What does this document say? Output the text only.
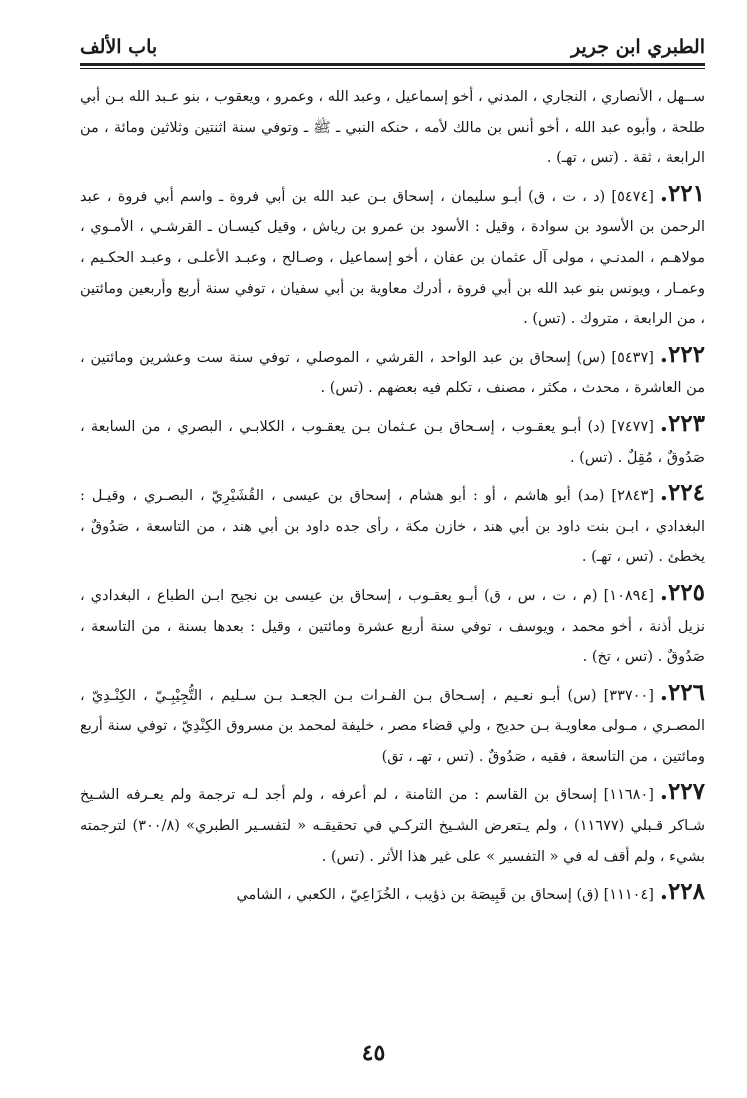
الطبري ابن جرير
باب الألف

ســهل ، الأنصاري ، النجاري ، المدني ، أخو إسماعيل ، وعبد الله ، وعمرو ، ويعقوب ، بنو عـبد الله بـن أبي طلحة ، وأبوه عبد الله ، أخو أنس بن مالك لأمه ، حنكه النبي ـ ﷺ ـ وتوفي سنة اثنتين وثلاثين ومائة ، من الرابعة ، ثقة . (تس ، تهـ) .

٢٢١.[٥٤٧٤] (د ، ت ، ق) أبـو سليمان ، إسحاق بـن عبد الله بن أبي فروة ـ واسم أبي فروة ، عبد الرحمن بن الأسود بن سوادة ، وقيل : الأسود بن عمرو بن رياش ، وقيل كيسـان ـ القرشـي ، الأمـوي ، مولاهـم ، المدنـي ، مولى آل عثمان بن عفان ، أخو إسماعيل ، وصـالح ، وعبـد الأعلـى ، وعبـد الحكـيم ، وعمـار ، ويونس بنو عبد الله بن أبي فروة ، أدرك معاوية بن أبي سفيان ، توفي سنة أربع وأربعين ومائتين ، من الرابعة ، متروك . (تس) .

٢٢٢.[٥٤٣٧] (س) إسحاق بن عبد الواحد ، القرشي ، الموصلي ، توفي سنة ست وعشرين ومائتين ، من العاشرة ، محدث ، مكثر ، مصنف ، تكلم فيه بعضهم . (تس) .

٢٢٣.[٧٤٧٧] (د) أبـو يعقـوب ، إسـحاق بـن عـثمان بـن يعقـوب ، الكلابـي ، البصري ، من السابعة ، صَدُوقٌ ، مُقِلٌ . (تس) .

٢٢٤.[٢٨٤٣] (مد) أبو هاشم ، أو : أبو هشام ، إسحاق بن عيسى ، القُشَيْرِيّ ، البصـري ، وقيـل : البغدادي ، ابـن بنت داود بن أبي هند ، خازن مكة ، رأى جده داود بن أبي هند ، من التاسعة ، صَدُوقٌ ، يخطئ . (تس ، تهـ) .

٢٢٥.[١٠٨٩٤] (م ، ت ، س ، ق) أبـو يعقـوب ، إسحاق بن عيسى بن نجيح ابـن الطباع ، البغدادي ، نزيل أذنة ، أخو محمد ، ويوسف ، توفي سنة أربع عشرة ومائتين ، وقيل : بعدها بسنة ، من التاسعة ، صَدُوقٌ . (تس ، تخ) .

٢٢٦.[٣٣٧٠٠] (س) أبـو نعـيم ، إسـحاق بـن الفـرات بـن الجعـد بـن سـليم ، التُّجِيْبِـيّ ، الكِنْـدِيّ ، المصـري ، مـولى معاويـة بـن حديج ، ولي قضاء مصر ، خليفة لمحمد بن مسروق الكِنْدِيّ ، توفي سنة أربع ومائتين ، من التاسعة ، فقيه ، صَدُوقٌ . (تس ، تهـ ، تق)

٢٢٧.[١١٦٨٠] إسحاق بن القاسم : من الثامنة ، لم أعرفه ، ولم أجد لـه ترجمة ولم يعـرفه الشـيخ شـاكر قـبلي (١١٦٧٧) ، ولم يـتعرض الشـيخ التركـي في تحقيقـه « لتفسـير الطبري» (٣٠٠/٨) لترجمته بشيء ، ولم أقف له في « التفسير » على غير هذا الأثر . (تس) .

٢٢٨.[١١١٠٤] (ق) إسحاق بن قَبِيصَة بن ذؤيب ، الخُزَاعِيّ ، الكعبي ، الشامي

٤٥
